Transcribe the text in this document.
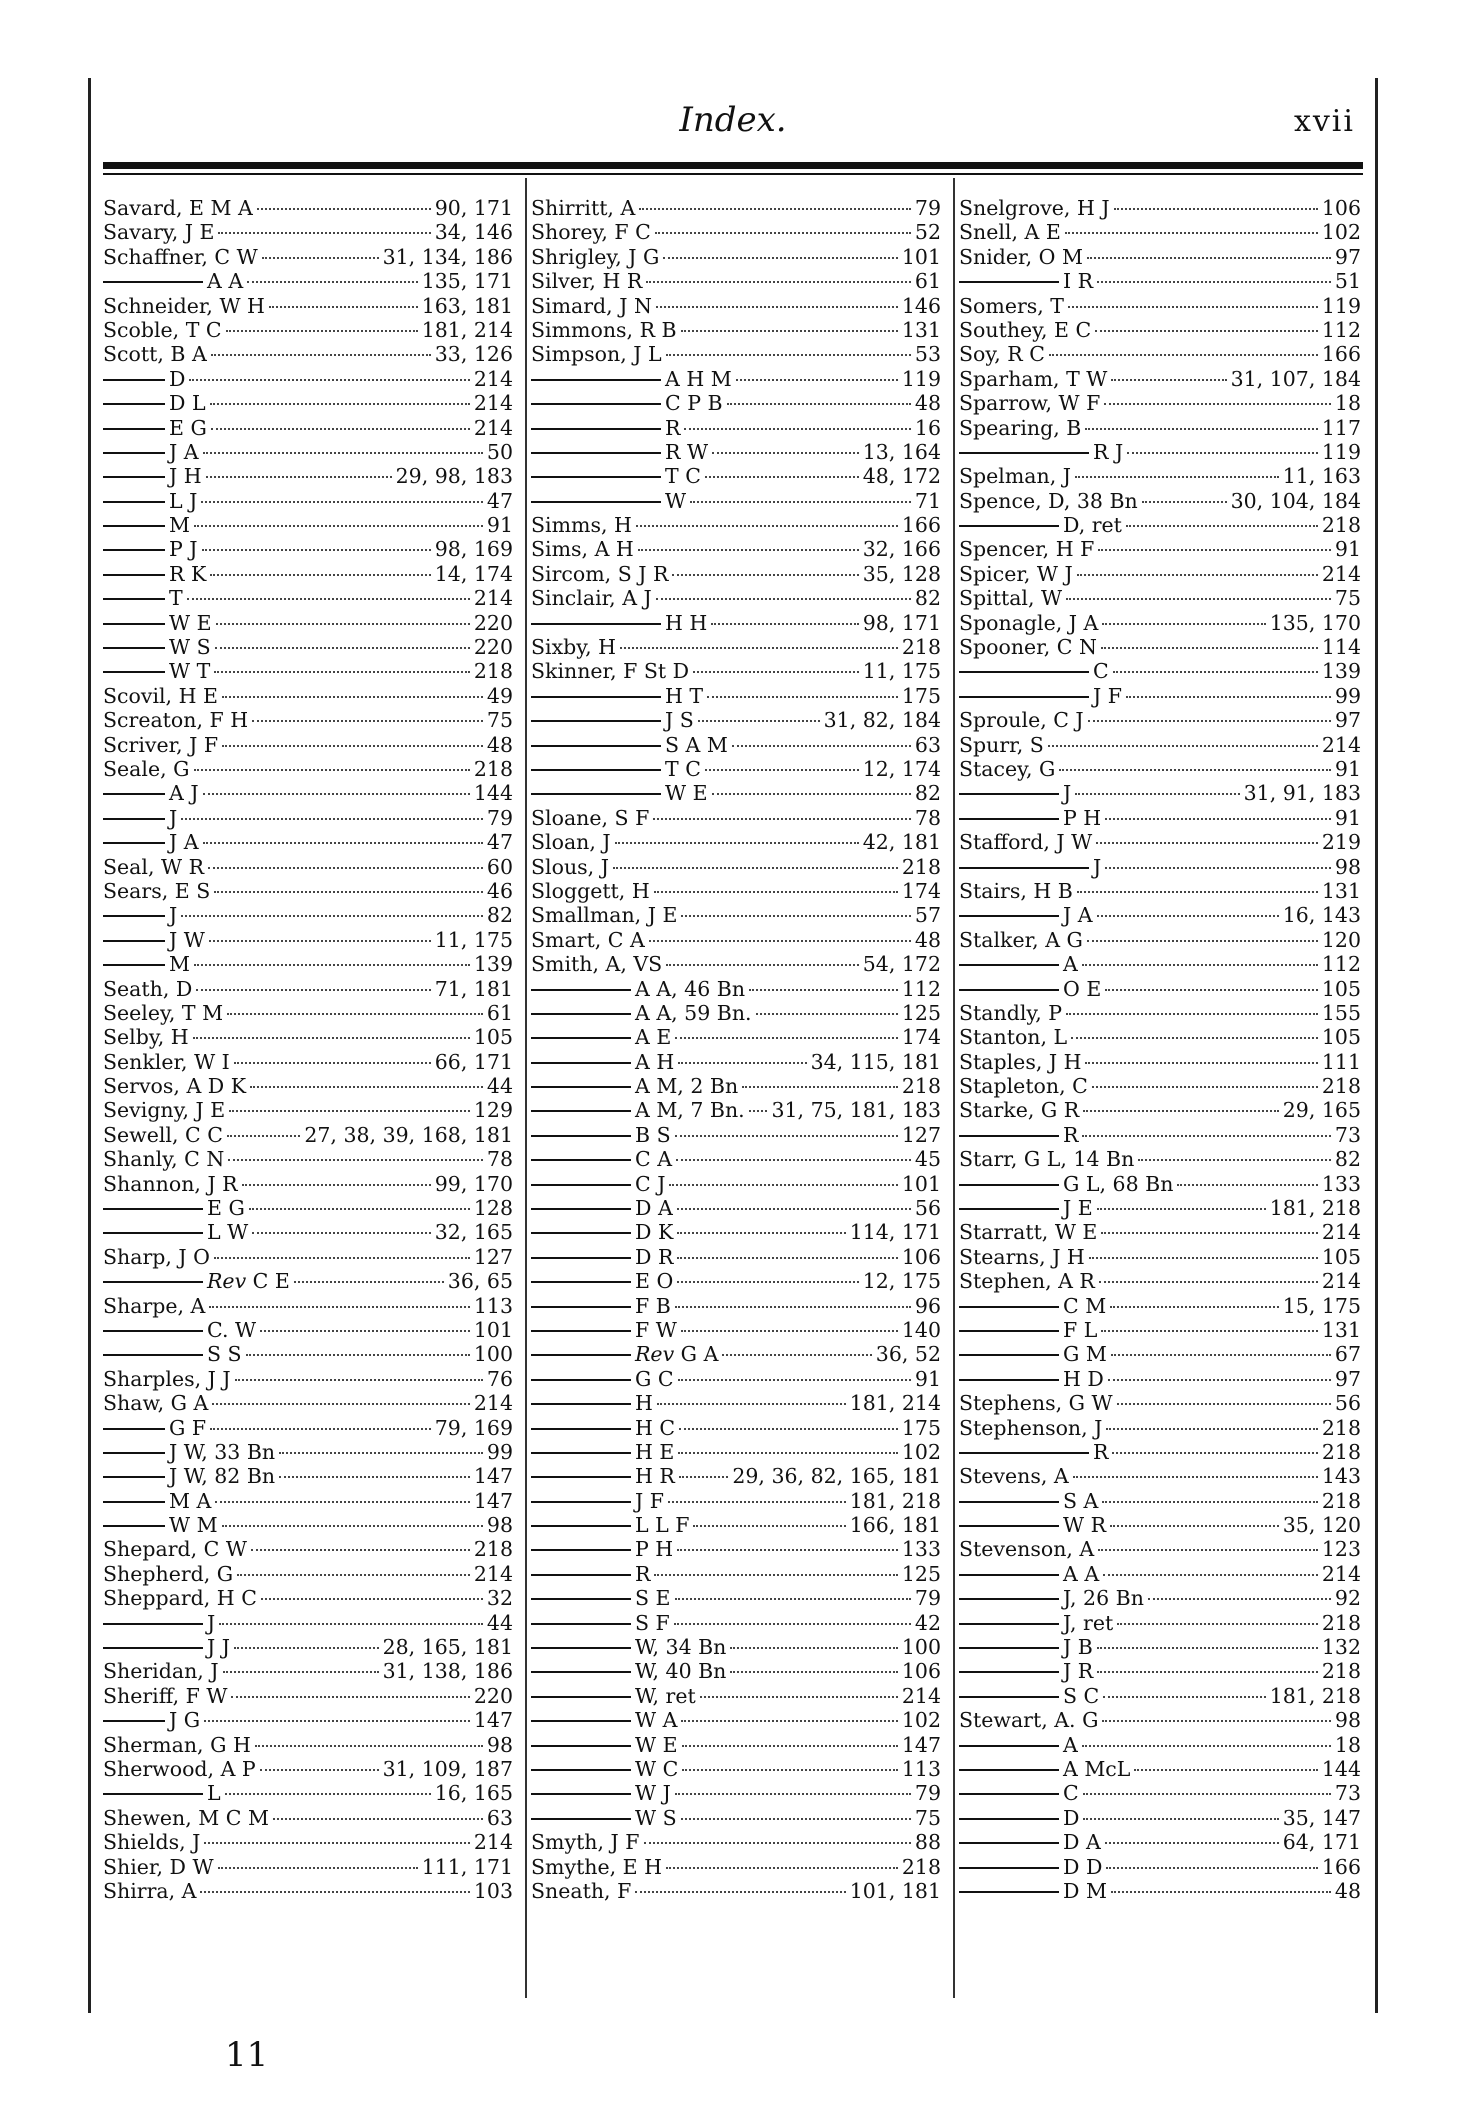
Index.	xvii
Savard, E M A	90, 171
Savary, J E	34, 146
Schaffner, C W	31, 134, 186
A A	135, 171
Schneider, W H	163, 181
Scoble, T C	181, 214
Scott, B A	33, 126
D	214
D L	214
E G	214
J A	50
J H	29, 98, 183
L J	47
M	91
P J	98, 169
R K	14, 174
T	214
W E	220
W S	220
W T	218
Scovil, H E	49
Screaton, F H	75
Scriver, J F	48
Seale, G	218
A J	144
J	79
J A	47
Seal, W R	60
Sears, E S	46
J	82
J W	11, 175
M	139
Seath, D	71, 181
Seeley, T M	61
Selby, H	105
Senkler, W I	66, 171
Servos, A D K	44
Sevigny, J E	129
Sewell, C C	27, 38, 39, 168, 181
Shanly, C N	78
Shannon, J R	99, 170
E G	128
L W	32, 165
Sharp, J O	127
Rev C E	36, 65
Sharpe, A	113
C. W	101
S S	100
Sharples, J J	76
Shaw, G A	214
G F	79, 169
J W, 33 Bn	99
J W, 82 Bn	147
M A	147
W M	98
Shepard, C W	218
Shepherd, G	214
Sheppard, H C	32
J	44
J J	28, 165, 181
Sheridan, J	31, 138, 186
Sheriff, F W	220
J G	147
Sherman, G H	98
Sherwood, A P	31, 109, 187
L	16, 165
Shewen, M C M	63
Shields, J	214
Shier, D W	111, 171
Shirra, A	103
Shirritt, A	79
Shorey, F C	52
Shrigley, J G	101
Silver, H R	61
Simard, J N	146
Simmons, R B	131
Simpson, J L	53
A H M	119
C P B	48
R	16
R W	13, 164
T C	48, 172
W	71
Simms, H	166
Sims, A H	32, 166
Sircom, S J R	35, 128
Sinclair, A J	82
H H	98, 171
Sixby, H	218
Skinner, F St D	11, 175
H T	175
J S	31, 82, 184
S A M	63
T C	12, 174
W E	82
Sloane, S F	78
Sloan, J	42, 181
Slous, J	218
Sloggett, H	174
Smallman, J E	57
Smart, C A	48
Smith, A, VS	54, 172
A A, 46 Bn	112
A A, 59 Bn.	125
A E	174
A H	34, 115, 181
A M, 2 Bn	218
A M, 7 Bn. 31, 75, 181, 183
B S	127
C A	45
C J	101
D A	56
D K	114, 171
D R	106
E O	12, 175
F B	96
F W	140
Rev G A	36, 52
G C	91
H	181, 214
H C	175
H E	102
H R	29, 36, 82, 165, 181
J F	181, 218
L L F	166, 181
P H	133
R	125
S E	79
S F	42
W, 34 Bn	100
W, 40 Bn	106
W, ret	214
W A	102
W E	147
W C	113
W J	79
W S	75
Smyth, J F	88
Smythe, E H	218
Sneath, F	101, 181
Snelgrove, H J	106
Snell, A E	102
Snider, O M	97
I R	51
Somers, T	119
Southey, E C	112
Soy, R C	166
Sparham, T W	31, 107, 184
Sparrow, W F	18
Spearing, B	117
R J	119
Spelman, J	11, 163
Spence, D, 38 Bn	30, 104, 184
D, ret	218
Spencer, H F	91
Spicer, W J	214
Spittal, W	75
Sponagle, J A	135, 170
Spooner, C N	114
C	139
J F	99
Sproule, C J	97
Spurr, S	214
Stacey, G	91
J	31, 91, 183
P H	91
Stafford, J W	219
J	98
Stairs, H B	131
J A	16, 143
Stalker, A G	120
A	112
O E	105
Standly, P	155
Stanton, L	105
Staples, J H	111
Stapleton, C	218
Starke, G R	29, 165
R	73
Starr, G L, 14 Bn	82
G L, 68 Bn	133
J E	181, 218
Starratt, W E	214
Stearns, J H	105
Stephen, A R	214
C M	15, 175
F L	131
G M	67
H D	97
Stephens, G W	56
Stephenson, J	218
R	218
Stevens, A	143
S A	218
W R	35, 120
Stevenson, A	123
A A	214
J, 26 Bn	92
J, ret	218
J B	132
J R	218
S C	181, 218
Stewart, A. G	98
A	18
A McL	144
C	73
D	35, 147
D A	64, 171
D D	166
D M	48
11
